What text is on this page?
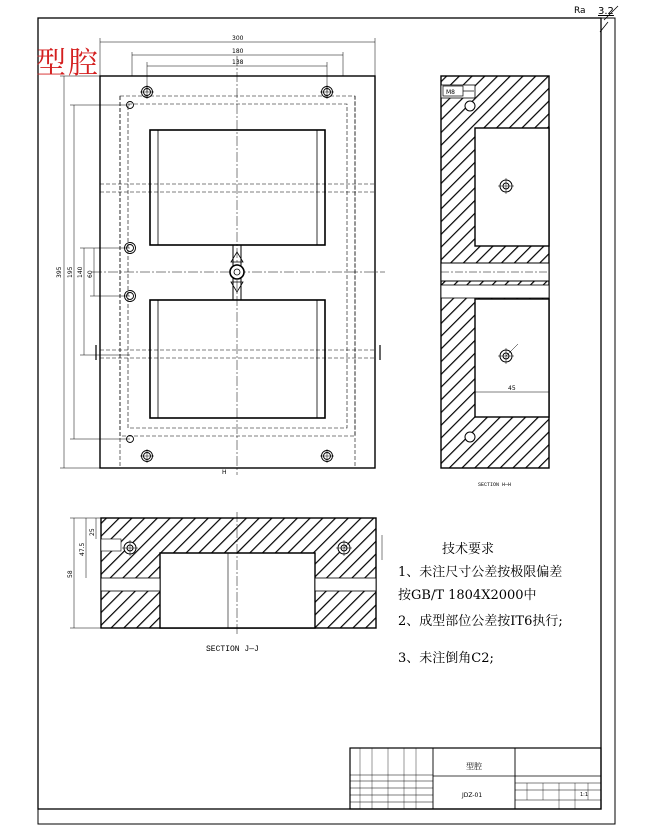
300
180
138
395 195 140 60
H
M8
45
58
47.5
25
型腔
JDZ-01	1:1
型腔
Ra 3.2
技术要求
1、未注尺寸公差按极限偏差
按GB/T 1804X2000中
2、成型部位公差按IT6执行;
3、未注倒角C2;
SECTION J—J
SECTION H—H
